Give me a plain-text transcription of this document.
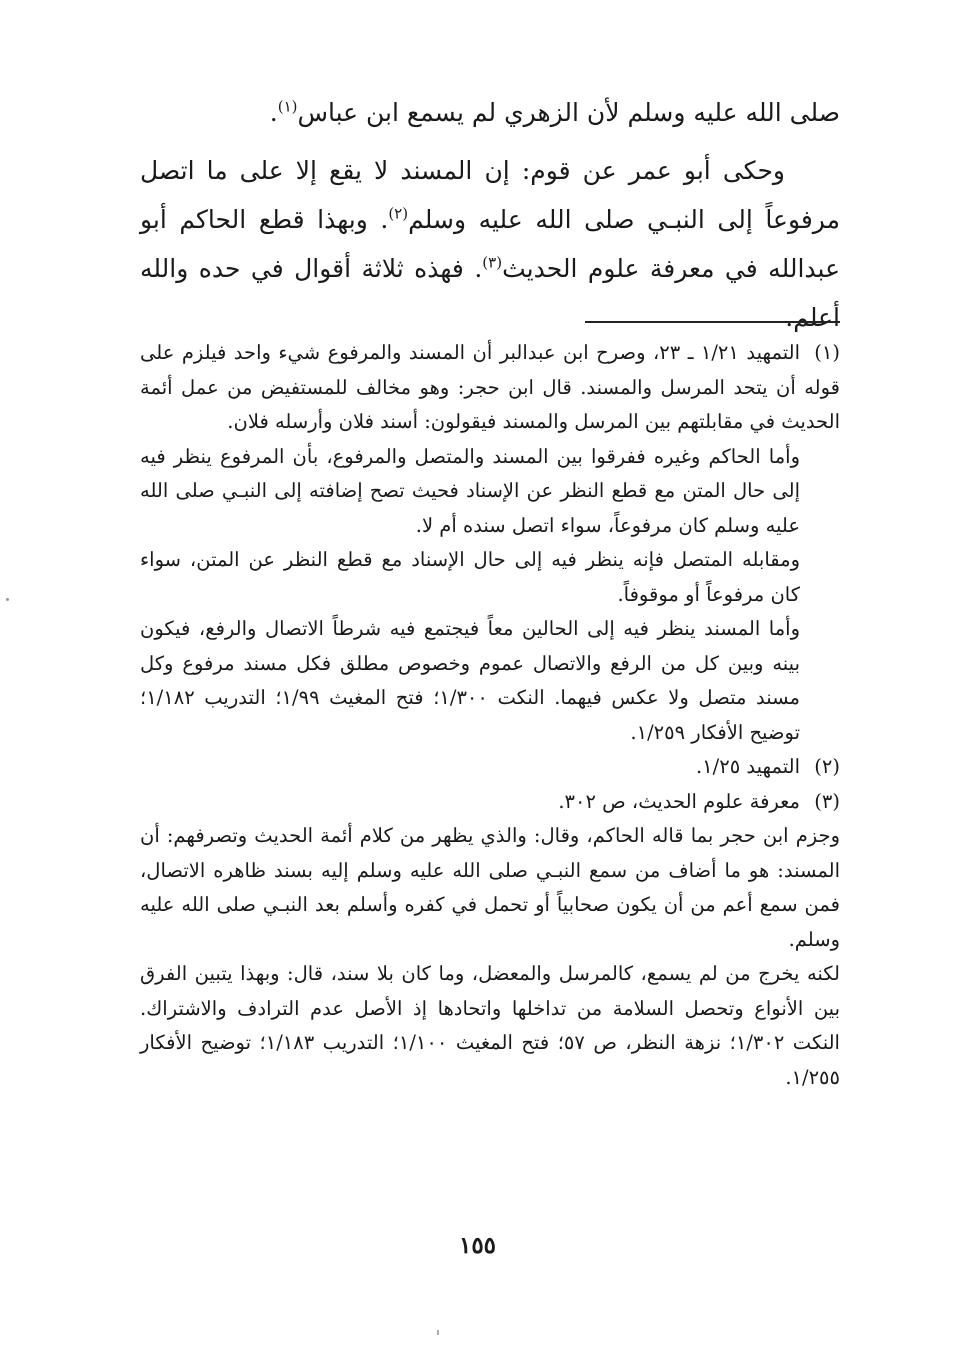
صلى الله عليه وسلم لأن الزهري لم يسمع ابن عباس$^{(١)}$.

وحكى أبو عمر عن قوم: إن المسند لا يقع إلا على ما اتصل مرفوعاً إلى النبـي صلى الله عليه وسلم$^{(٢)}$. وبهذا قطع الحاكم أبو عبدالله في معرفة علوم الحديث$^{(٣)}$. فهذه ثلاثة أقوال في حده والله أعلم.

(١)التمهيد ١/٢١ ـ ٢٣، وصرح ابن عبدالبر أن المسند والمرفوع شيء واحد فيلزم على قوله أن يتحد المرسل والمسند. قال ابن حجر: وهو مخالف للمستفيض من عمل أئمة الحديث في مقابلتهم بين المرسل والمسند فيقولون: أسند فلان وأرسله فلان.

وأما الحاكم وغيره ففرقوا بين المسند والمتصل والمرفوع، بأن المرفوع ينظر فيه إلى حال المتن مع قطع النظر عن الإسناد فحيث تصح إضافته إلى النبـي صلى الله عليه وسلم كان مرفوعاً، سواء اتصل سنده أم لا.

ومقابله المتصل فإنه ينظر فيه إلى حال الإسناد مع قطع النظر عن المتن، سواء كان مرفوعاً أو موقوفاً.

وأما المسند ينظر فيه إلى الحالين معاً فيجتمع فيه شرطاً الاتصال والرفع، فيكون بينه وبين كل من الرفع والاتصال عموم وخصوص مطلق فكل مسند مرفوع وكل مسند متصل ولا عكس فيهما. النكت ١/٣٠٠؛ فتح المغيث ١/٩٩؛ التدريب ١/١٨٢؛ توضيح الأفكار ١/٢٥٩.

(٢)التمهيد ١/٢٥.

(٣)معرفة علوم الحديث، ص ٣٠٢.

وجزم ابن حجر بما قاله الحاكم، وقال: والذي يظهر من كلام أئمة الحديث وتصرفهم: أن المسند: هو ما أضاف من سمع النبـي صلى الله عليه وسلم إليه بسند ظاهره الاتصال، فمن سمع أعم من أن يكون صحابياً أو تحمل في كفره وأسلم بعد النبـي صلى الله عليه وسلم.

لكنه يخرج من لم يسمع، كالمرسل والمعضل، وما كان بلا سند، قال: وبهذا يتبين الفرق بين الأنواع وتحصل السلامة من تداخلها واتحادها إذ الأصل عدم الترادف والاشتراك. النكت ١/٣٠٢؛ نزهة النظر، ص ٥٧؛ فتح المغيث ١/١٠٠؛ التدريب ١/١٨٣؛ توضيح الأفكار ١/٢٥٥.

١٥٥
